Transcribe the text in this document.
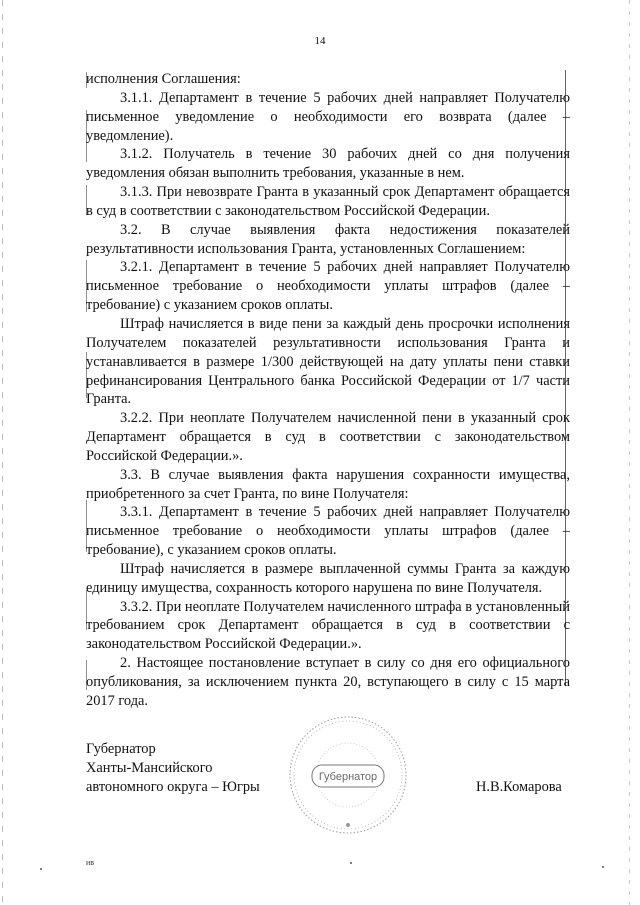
14

исполнения Соглашения:

3.1.1. Департамент в течение 5 рабочих дней направляет Получателю письменное уведомление о необходимости его возврата (далее – уведомление).

3.1.2. Получатель в течение 30 рабочих дней со дня получения уведомления обязан выполнить требования, указанные в нем.

3.1.3. При невозврате Гранта в указанный срок Департамент обращается в суд в соответствии с законодательством Российской Федерации.

3.2. В случае выявления факта недостижения показателей результативности использования Гранта, установленных Соглашением:

3.2.1. Департамент в течение 5 рабочих дней направляет Получателю письменное требование о необходимости уплаты штрафов (далее – требование) с указанием сроков оплаты.

Штраф начисляется в виде пени за каждый день просрочки исполнения Получателем показателей результативности использования Гранта и устанавливается в размере 1/300 действующей на дату уплаты пени ставки рефинансирования Центрального банка Российской Федерации от 1/7 части Гранта.

3.2.2. При неоплате Получателем начисленной пени в указанный срок Департамент обращается в суд в соответствии с законодательством Российской Федерации.».

3.3. В случае выявления факта нарушения сохранности имущества, приобретенного за счет Гранта, по вине Получателя:

3.3.1. Департамент в течение 5 рабочих дней направляет Получателю письменное требование о необходимости уплаты штрафов (далее – требование), с указанием сроков оплаты.

Штраф начисляется в размере выплаченной суммы Гранта за каждую единицу имущества, сохранность которого нарушена по вине Получателя.

3.3.2. При неоплате Получателем начисленного штрафа в установленный требованием срок Департамент обращается в суд в соответствии с законодательством Российской Федерации.».

2. Настоящее постановление вступает в силу со дня его официального опубликования, за исключением пункта 20, вступающего в силу с 15 марта 2017 года.

Губернатор
Ханты-Мансийского
автономного округа – Югры	Н.В.Комарова
Губернатор
ив
